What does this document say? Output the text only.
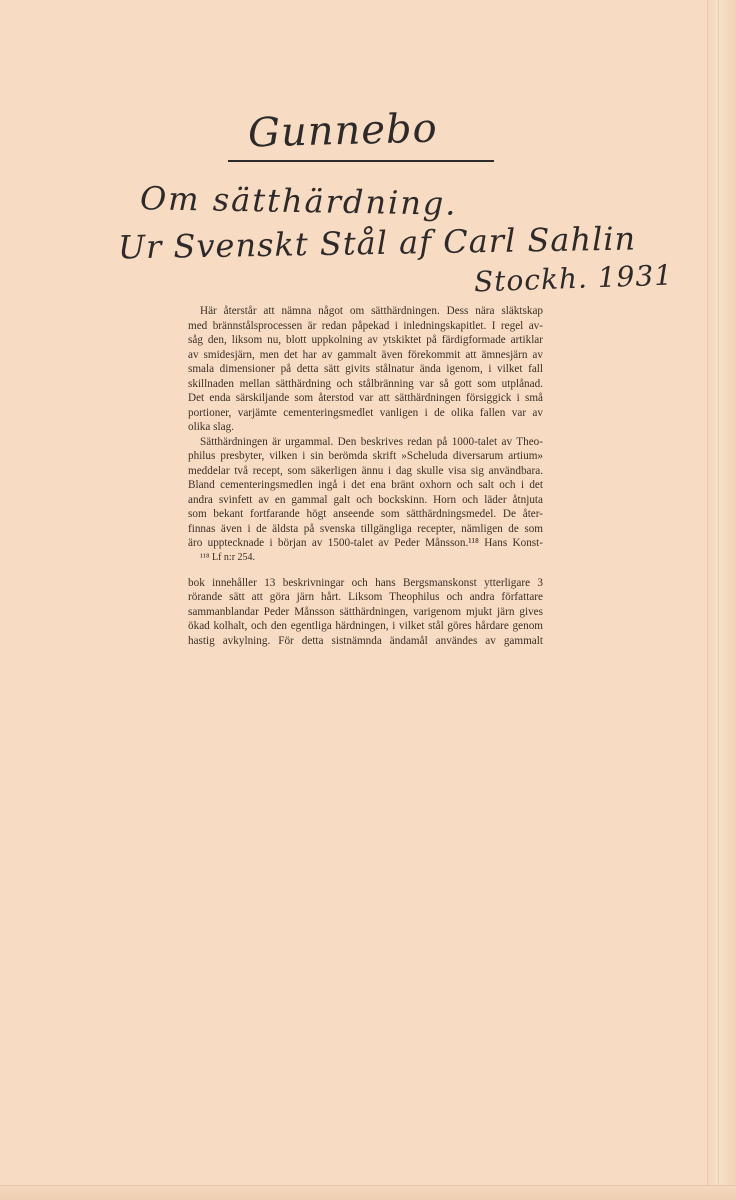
Gunnebo
Om sätthärdning.
Ur Svenskt Stål af Carl Sahlin
Stockh. 1931

Här återstår att nämna något om sätthärdningen. Dess nära släktskap
med brännstålsprocessen är redan påpekad i inledningskapitlet. I regel av-
såg den, liksom nu, blott uppkolning av ytskiktet på färdigformade artiklar
av smidesjärn, men det har av gammalt även förekommit att ämnesjärn av
smala dimensioner på detta sätt givits stålnatur ända igenom, i vilket fall
skillnaden mellan sätthärdning och stålbränning var så gott som utplånad.
Det enda särskiljande som återstod var att sätthärdningen försiggick i små
portioner, varjämte cementeringsmedlet vanligen i de olika fallen var av
olika slag.

Sätthärdningen är urgammal. Den beskrives redan på 1000-talet av Theo-
philus presbyter, vilken i sin berömda skrift »Scheluda diversarum artium»
meddelar två recept, som säkerligen ännu i dag skulle visa sig användbara.
Bland cementeringsmedlen ingå i det ena bränt oxhorn och salt och i det
andra svinfett av en gammal galt och bockskinn. Horn och läder åtnjuta
som bekant fortfarande högt anseende som sätthärdningsmedel. De åter-
finnas även i de äldsta på svenska tillgängliga recepter, nämligen de som
äro upptecknade i början av 1500-talet av Peder Månsson.¹¹⁸ Hans Konst-

¹¹⁸ Lf n:r 254.

bok innehåller 13 beskrivningar och hans Bergsmanskonst ytterligare 3
rörande sätt att göra järn hårt. Liksom Theophilus och andra författare
sammanblandar Peder Månsson sätthärdningen, varigenom mjukt järn gives
ökad kolhalt, och den egentliga härdningen, i vilket stål göres hårdare genom
hastig avkylning. För detta sistnämnda ändamål användes av gammalt
